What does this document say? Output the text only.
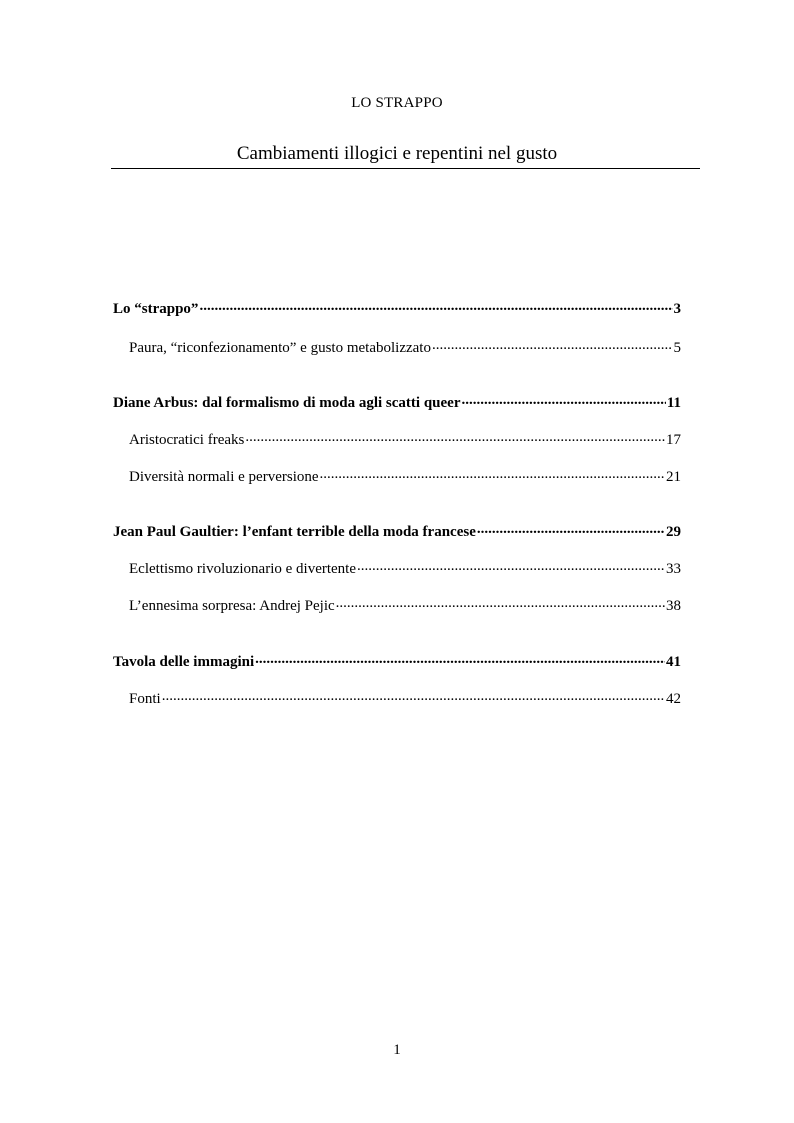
LO STRAPPO
Cambiamenti illogici e repentini nel gusto
Lo “strappo” .....	3
Paura, “riconfezionamento” e gusto metabolizzato .....	5
Diane Arbus: dal formalismo di moda agli scatti queer .....	11
Aristocratici freaks .....	17
Diversità normali e perversione .....	21
Jean Paul Gaultier: l’enfant terrible della moda francese .....	29
Eclettismo rivoluzionario e divertente .....	33
L’ennesima sorpresa: Andrej Pejic .....	38
Tavola delle immagini .....	41
Fonti .....	42
1
